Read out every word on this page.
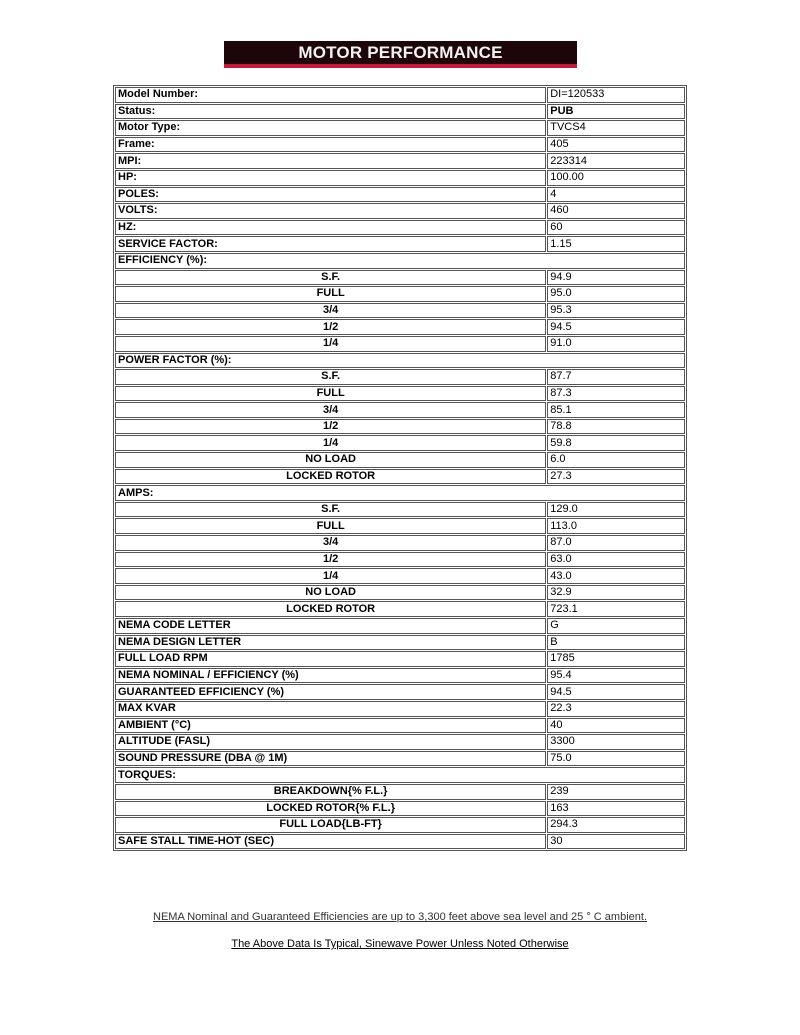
MOTOR PERFORMANCE
Model Number:	DI=120533
Status:	PUB
Motor Type:	TVCS4
Frame:	405
MPI:	223314
HP:	100.00
POLES:	4
VOLTS:	460
HZ:	60
SERVICE FACTOR:	1.15
EFFICIENCY (%):	
S.F.	94.9
FULL	95.0
3/4	95.3
1/2	94.5
1/4	91.0
POWER FACTOR (%):	
S.F.	87.7
FULL	87.3
3/4	85.1
1/2	78.8
1/4	59.8
NO LOAD	6.0
LOCKED ROTOR	27.3
AMPS:	
S.F.	129.0
FULL	113.0
3/4	87.0
1/2	63.0
1/4	43.0
NO LOAD	32.9
LOCKED ROTOR	723.1
NEMA CODE LETTER	G
NEMA DESIGN LETTER	B
FULL LOAD RPM	1785
NEMA NOMINAL / EFFICIENCY (%)	95.4
GUARANTEED EFFICIENCY (%)	94.5
MAX KVAR	22.3
AMBIENT (°C)	40
ALTITUDE (FASL)	3300
SOUND PRESSURE (DBA @ 1M)	75.0
TORQUES:	
BREAKDOWN{% F.L.}	239
LOCKED ROTOR{% F.L.}	163
FULL LOAD{LB-FT}	294.3
SAFE STALL TIME-HOT (SEC)	30
NEMA Nominal and Guaranteed Efficiencies are up to 3,300 feet above sea level and 25 ° C ambient.
The Above Data Is Typical, Sinewave Power Unless Noted Otherwise
